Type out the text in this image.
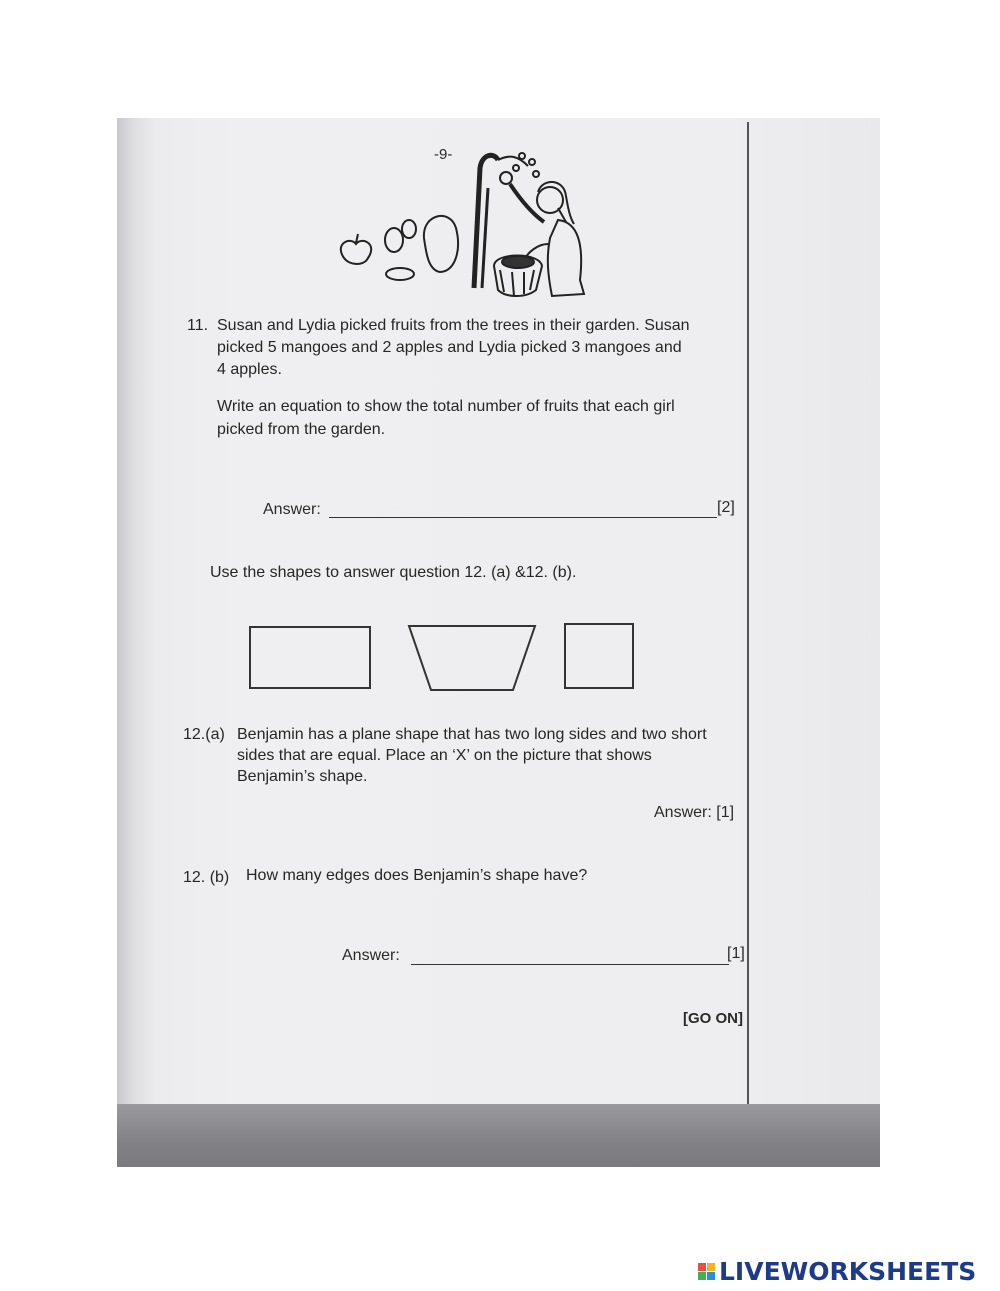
-9-
11. Susan and Lydia picked fruits from the trees in their garden. Susan
picked 5 mangoes and 2 apples and Lydia picked 3 mangoes and
4 apples.
Write an equation to show the total number of fruits that each girl
picked from the garden.
Answer:	[2]
Use the shapes to answer question 12. (a) &12. (b).
12.(a) Benjamin has a plane shape that has two long sides and two short
sides that are equal. Place an ‘X’ on the picture that shows
Benjamin’s shape.
Answer: [1]
12. (b) How many edges does Benjamin’s shape have?
Answer:	[1]
[GO ON]
LIVEWORKSHEETS
